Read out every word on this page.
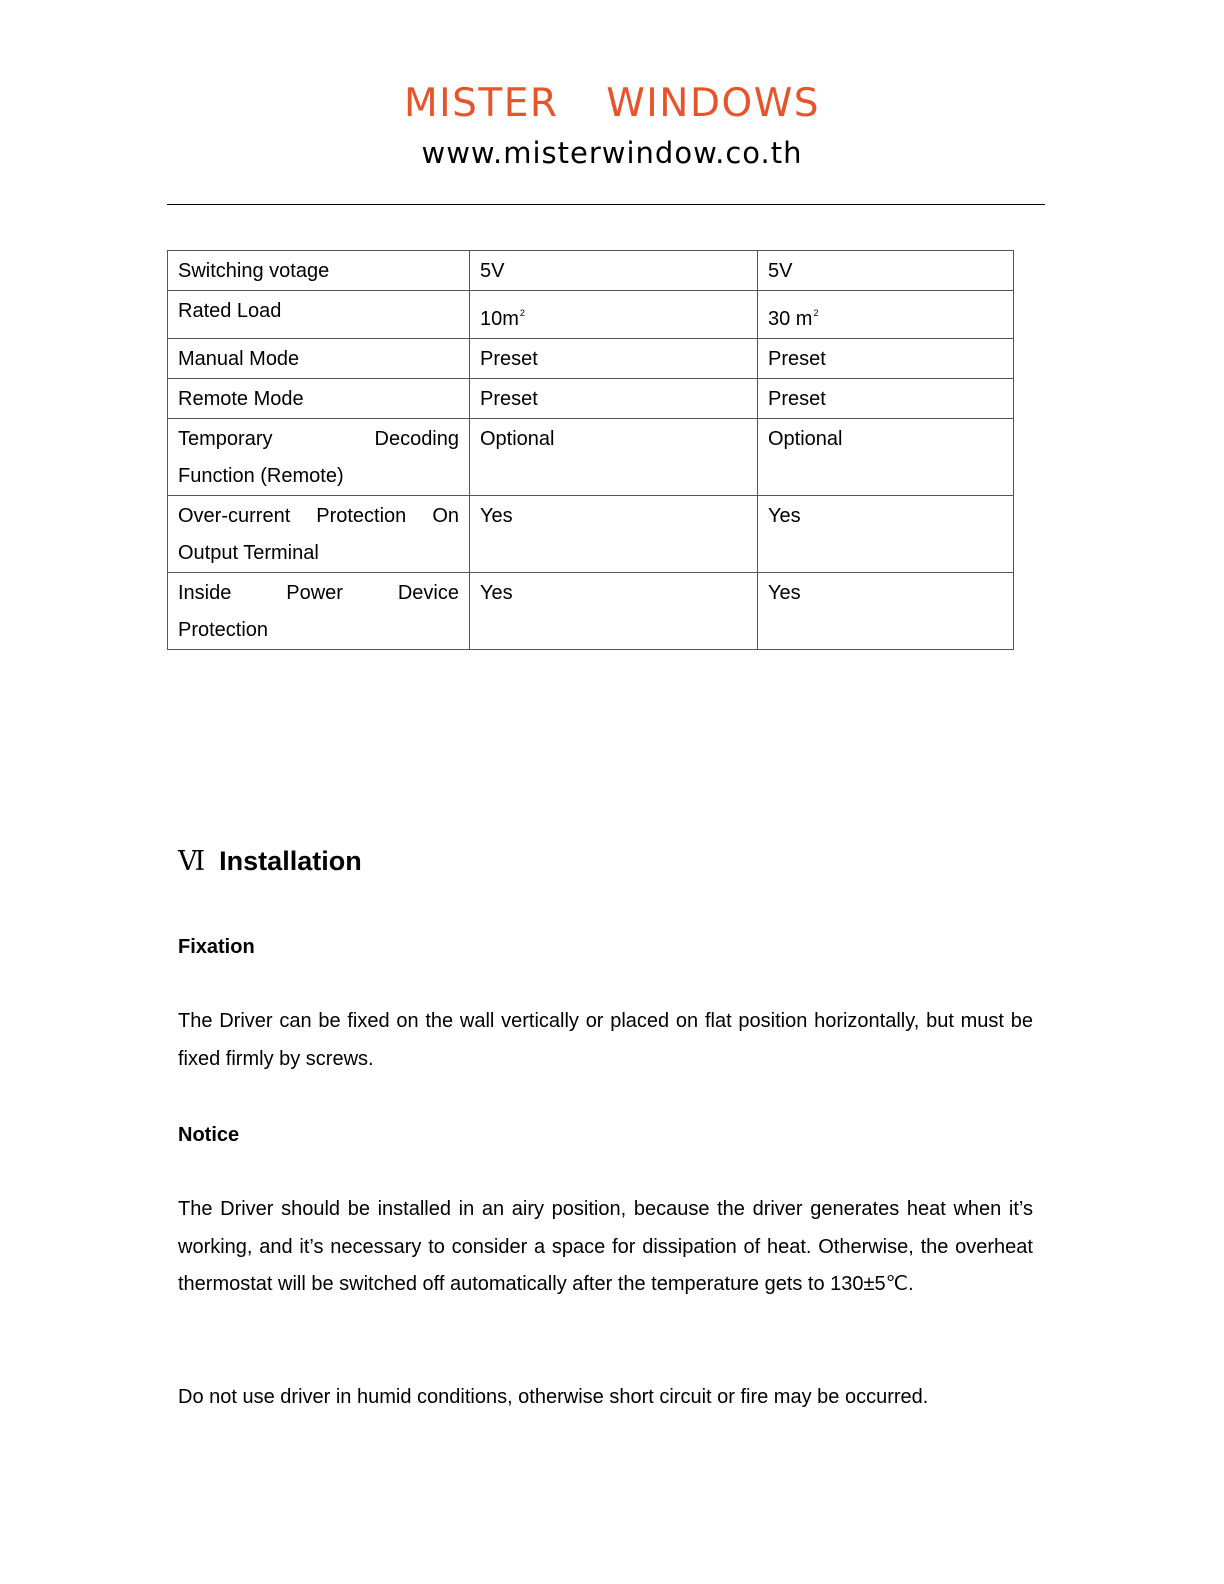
MISTER  WINDOWS
www.misterwindow.co.th
Switching votage	5V	5V
Rated Load	$10m^2$	30 $m^2$
Manual Mode	Preset	Preset
Remote Mode	Preset	Preset

Temporary Decoding
Function (Remote)	Optional	Optional

Over-current Protection On
Output Terminal	Yes	Yes

Inside Power Device
Protection	Yes	Yes
Ⅵ Installation
Fixation
The Driver can be fixed on the wall vertically or placed on flat position horizontally, but must be fixed firmly by screws.
Notice
The Driver should be installed in an airy position, because the driver generates heat when it’s working, and it’s necessary to consider a space for dissipation of heat. Otherwise, the overheat thermostat will be switched off automatically after the temperature gets to 130±5℃.
Do not use driver in humid conditions, otherwise short circuit or fire may be occurred.
